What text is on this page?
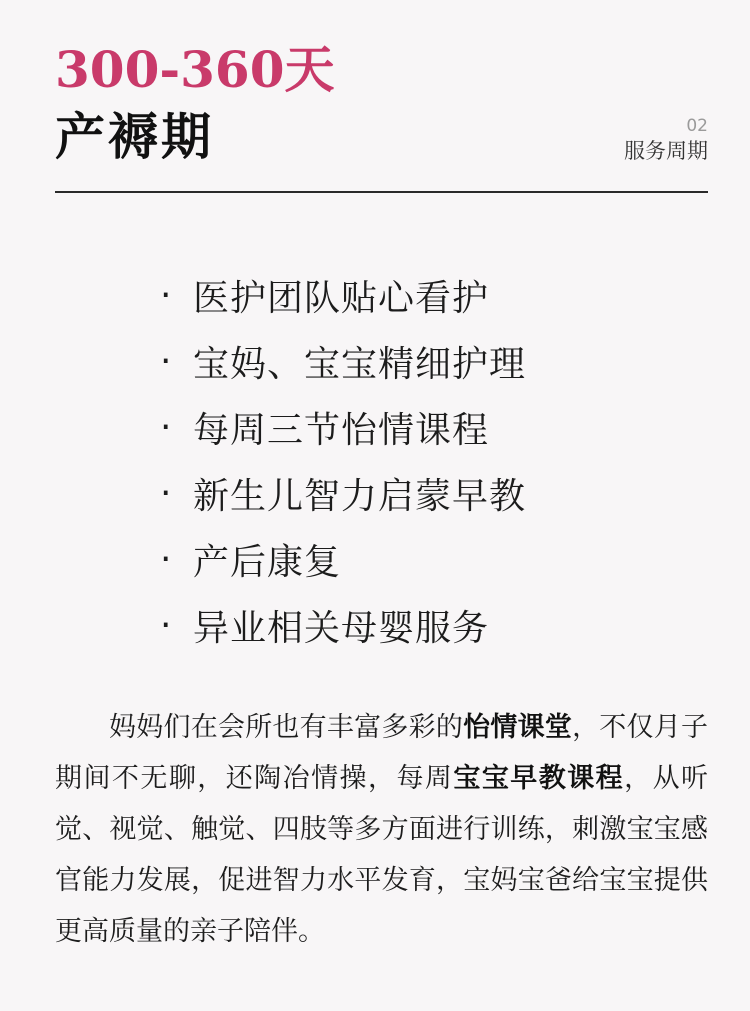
300-360天
产褥期	02
服务周期
· 医护团队贴心看护
· 宝妈、宝宝精细护理
· 每周三节怡情课程
· 新生儿智力启蒙早教
· 产后康复
· 异业相关母婴服务

妈妈们在会所也有丰富多彩的怡情课堂，不仅月子期间不无聊，还陶冶情操，每周宝宝早教课程，从听觉、视觉、触觉、四肢等多方面进行训练，刺激宝宝感官能力发展，促进智力水平发育，宝妈宝爸给宝宝提供更高质量的亲子陪伴。
